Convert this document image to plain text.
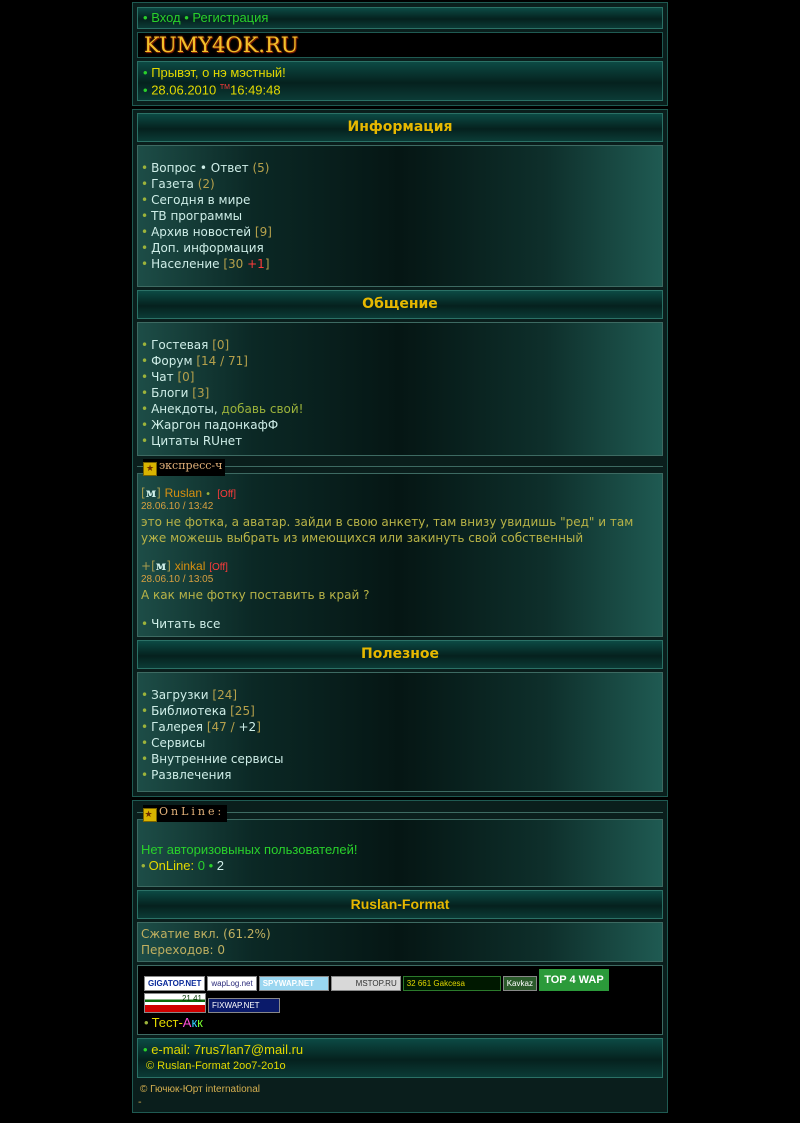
• Вход • Регистрация
KUMY4OK.RU
• Прывэт, о нэ мэстный!
• 28.06.2010 ™16:49:48
Информация
• Вопрос • Ответ (5)
• Газета (2)
• Сегодня в мире
• ТВ программы
• Архив новостей [9]
• Доп. информация
• Население [30 +1]
Общение
• Гостевая [0]
• Форум [14 / 71]
• Чат [0]
• Блоги [3]
• Анекдоты, добавь свой!
• Жаргон падонкафФ
• Цитаты RUнет
★ экспресс-ч
[м] Ruslan • [Off]
28.06.10 / 13:42
это не фотка, а аватар. зайди в свою анкету, там внизу увидишь "ред" и там уже можешь выбрать из имеющихся или закинуть свой собственный
+[м] xinkal [Off]
28.06.10 / 13:05
А как мне фотку поставить в край ?
• Читать все
Полезное
• Загрузки [24]
• Библиотека [25]
• Галерея [47 / +2]
• Сервисы
• Внутренние сервисы
• Развлечения
★ OnLine:
Нет авторизовыных пользователей!
• OnLine: 0 • 2
Ruslan-Format
Сжатие вкл. (61.2%)
Переходов: 0
GIGATOP.NET	wapLog.net	SPYWAP.NET	MSTOP.RU	32 661 Gakcesa	Kavkaz	TOP 4 WAP
21 41
FIXWAP.NET
• Тест-Акк
• e-mail: 7rus7lan7@mail.ru
© Ruslan-Format 2oo7-2o1o
© Гючюк-Юрт international
-
